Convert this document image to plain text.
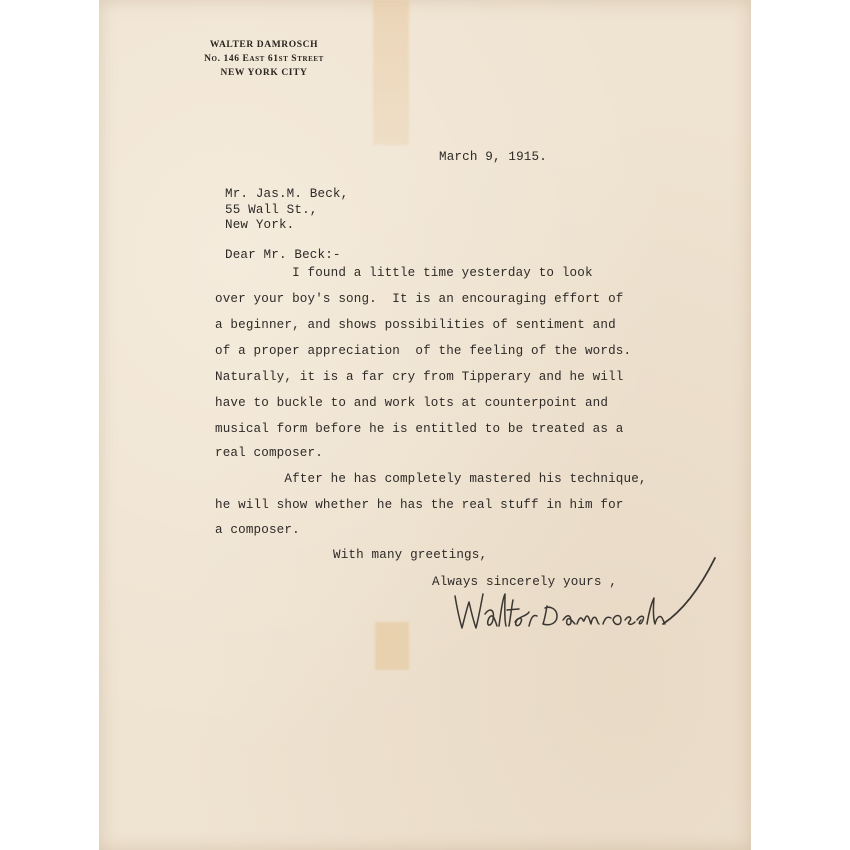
WALTER DAMROSCH
No. 146 East 61st Street
NEW YORK CITY
March 9, 1915.
Mr. Jas.M. Beck,
55 Wall St.,
New York.
Dear Mr. Beck:-
I found a little time yesterday to look
over your boy's song.  It is an encouraging effort of
a beginner, and shows possibilities of sentiment and
of a proper appreciation  of the feeling of the words.
Naturally, it is a far cry from Tipperary and he will
have to buckle to and work lots at counterpoint and
musical form before he is entitled to be treated as a
real composer.
After he has completely mastered his technique,
he will show whether he has the real stuff in him for
a composer.
With many greetings,
Always sincerely yours ,
